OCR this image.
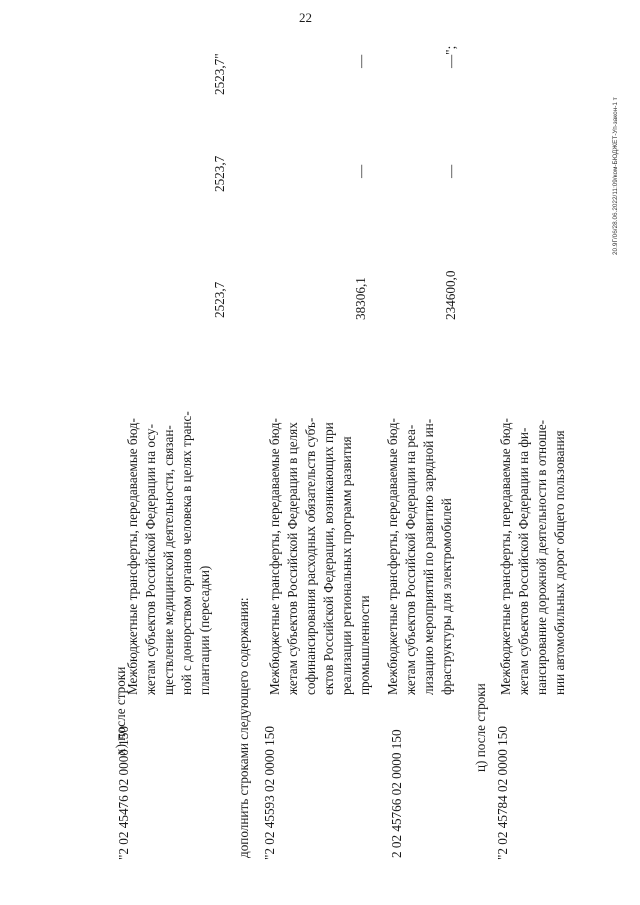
22
х) после строки
"2 02 45476 02 0000 150
Межбюджетные трансферты, передаваемые бюд- жетам субъектов Российской Федерации на осу- ществление медицинской деятельности, связан- ной с донорством органов человека в целях транс- плантации (пересадки)
2523,7
2523,7
2523,7"
дополнить строками следующего содержания: "2 02 45593 02 0000 150
Межбюджетные трансферты, передаваемые бюд- жетам субъектов Российской Федерации в целях софинансирования расходных обязательств субъ- ектов Российской Федерации, возникающих при реализации региональных программ развития промышленности
38306,1
—
—
2 02 45766 02 0000 150
Межбюджетные трансферты, передаваемые бюд- жетам субъектов Российской Федерации на реа- лизацию мероприятий по развитию зарядной ин- фраструктуры для электромобилей
234600,0
—
—";
ц) после строки "2 02 45784 02 0000 150
Межбюджетные трансферты, передаваемые бюд- жетам субъектов Российской Федерации на фи- нансирование дорожной деятельности в отноше- нии автомобильных дорог общего пользования
20.9Г/06/28.06.2022/11:09/ком-БЮДЖЕТ-Уп-закон-1 т
